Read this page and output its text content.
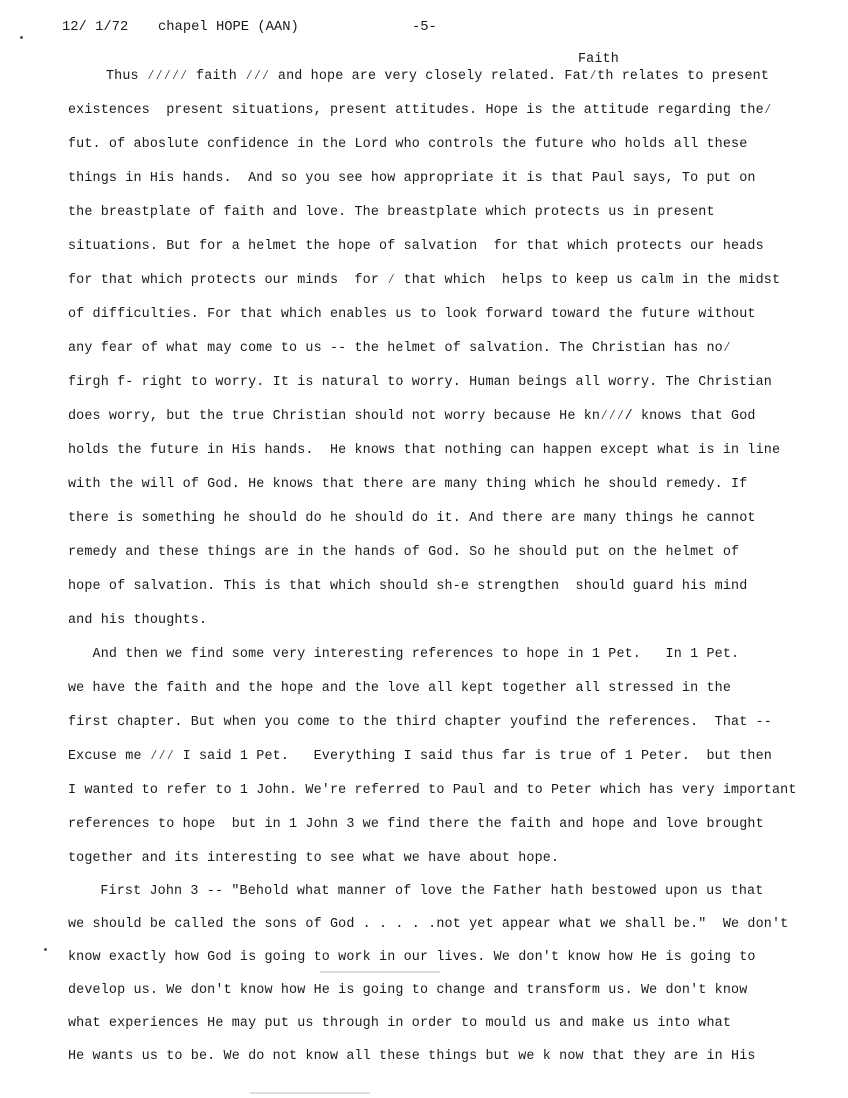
12/ 1/72 chapel HOPE (AAN)	-5-
Faith
Thus ⁄⁄⁄⁄⁄ faith ⁄⁄⁄ and hope are very closely related. Fat⁄th relates to present
existences  present situations, present attitudes. Hope is the attitude regarding the⁄
fut. of aboslute confidence in the Lord who controls the future who holds all these
things in His hands.  And so you see how appropriate it is that Paul says, To put on
the breastplate of faith and love. The breastplate which protects us in present
situations. But for a helmet the hope of salvation  for that which protects our heads
for that which protects our minds  for ⁄ that which  helps to keep us calm in the midst
of difficulties. For that which enables us to look forward toward the future without
any fear of what may come to us -- the helmet of salvation. The Christian has no⁄
firgh f- right to worry. It is natural to worry. Human beings all worry. The Christian
does worry, but the true Christian should not worry because He kn⁄⁄⁄/ knows that God
holds the future in His hands.  He knows that nothing can happen except what is in line
with the will of God. He knows that there are many thing which he should remedy. If
there is something he should do he should do it. And there are many things he cannot
remedy and these things are in the hands of God. So he should put on the helmet of
hope of salvation. This is that which should sh-e strengthen  should guard his mind
and his thoughts.
And then we find some very interesting references to hope in 1 Pet.   In 1 Pet.
we have the faith and the hope and the love all kept together all stressed in the
first chapter. But when you come to the third chapter youfind the references.  That --
Excuse me ⁄⁄⁄ I said 1 Pet.   Everything I said thus far is true of 1 Peter.  but then
I wanted to refer to 1 John. We're referred to Paul and to Peter which has very important
references to hope  but in 1 John 3 we find there the faith and hope and love brought
together and its interesting to see what we have about hope.
First John 3 -- "Behold what manner of love the Father hath bestowed upon us that
we should be called the sons of God . . . . .not yet appear what we shall be."  We don't
know exactly how God is going to work in our lives. We don't know how He is going to
develop us. We don't know how He is going to change and transform us. We don't know
what experiences He may put us through in order to mould us and make us into what
He wants us to be. We do not know all these things but we k now that they are in His
